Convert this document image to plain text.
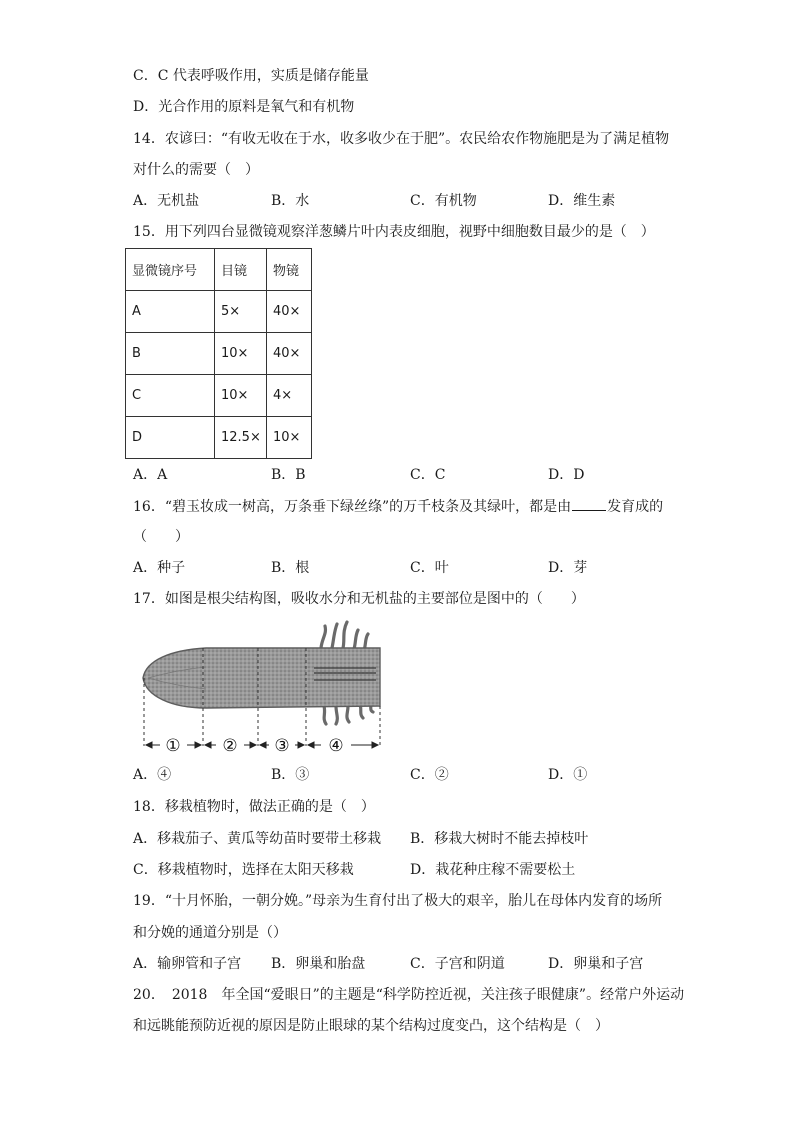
C．C 代表呼吸作用，实质是储存能量
D．光合作用的原料是氧气和有机物
14．农谚曰：“有收无收在于水，收多收少在于肥”。农民给农作物施肥是为了满足植物
对什么的需要（　）
A．无机盐	B．水	C．有机物	D．维生素
15．用下列四台显微镜观察洋葱鳞片叶内表皮细胞，视野中细胞数目最少的是（　）
显微镜序号	目镜	物镜
A	5×	40×
B	10×	40×
C	10×	4×
D	12.5×	10×
A．A	B．B	C．C	D．D
16．“碧玉妆成一树高，万条垂下绿丝绦”的万千枝条及其绿叶，都是由	发育成的
（　　）
A．种子	B．根	C．叶	D．芽
17．如图是根尖结构图，吸收水分和无机盐的主要部位是图中的（　　）
① ② ③ ④
A．④	B．③	C．②	D．①
18．移栽植物时，做法正确的是（　）
A．移栽茄子、黄瓜等幼苗时要带土移栽 B．移栽大树时不能去掉枝叶
C．移栽植物时，选择在太阳天移栽	D．栽花种庄稼不需要松土
19．“十月怀胎，一朝分娩。”母亲为生育付出了极大的艰辛，胎儿在母体内发育的场所
和分娩的通道分别是（）
A．输卵管和子宫 B．卵巢和胎盘	C．子宫和阴道	D．卵巢和子宫
20．　2018　年全国“爱眼日”的主题是“科学防控近视，关注孩子眼健康”。经常户外运动
和远眺能预防近视的原因是防止眼球的某个结构过度变凸，这个结构是（　）
